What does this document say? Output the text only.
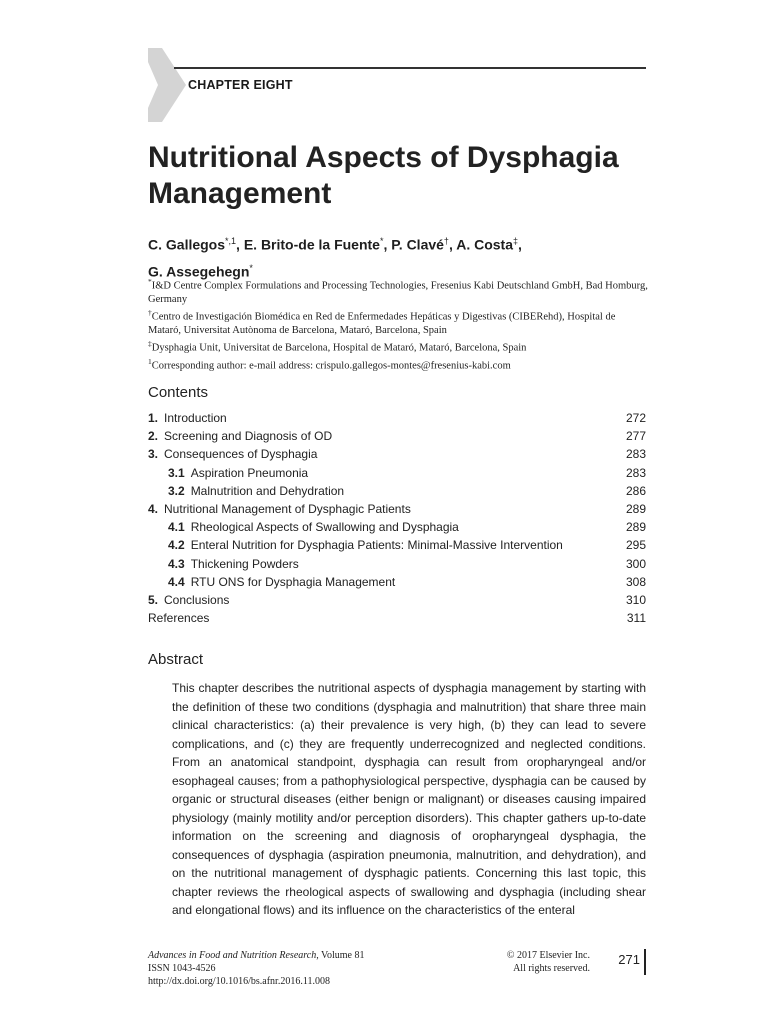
CHAPTER EIGHT
Nutritional Aspects of Dysphagia Management

C. Gallegos$^{*,1}$, E. Brito-de la Fuente*, P. Clavé†, A. Costa‡,
G. Assegehegn*

*I&D Centre Complex Formulations and Processing Technologies, Fresenius Kabi Deutschland GmbH, Bad Homburg, Germany

†Centro de Investigación Biomédica en Red de Enfermedades Hepáticas y Digestivas (CIBERehd), Hospital de Mataró, Universitat Autònoma de Barcelona, Mataró, Barcelona, Spain

‡Dysphagia Unit, Universitat de Barcelona, Hospital de Mataró, Mataró, Barcelona, Spain

$^1$Corresponding author: e-mail address: crispulo.gallegos-montes@fresenius-kabi.com

Contents
1. Introduction	272
2. Screening and Diagnosis of OD	277
3. Consequences of Dysphagia	283
3.1 Aspiration Pneumonia	283
3.2 Malnutrition and Dehydration	286
4. Nutritional Management of Dysphagic Patients	289
4.1 Rheological Aspects of Swallowing and Dysphagia	289
4.2 Enteral Nutrition for Dysphagia Patients: Minimal-Massive Intervention	295
4.3 Thickening Powders	300
4.4 RTU ONS for Dysphagia Management	308
5. Conclusions	310
References	311
Abstract

This chapter describes the nutritional aspects of dysphagia management by starting with the definition of these two conditions (dysphagia and malnutrition) that share three main clinical characteristics: (a) their prevalence is very high, (b) they can lead to severe complications, and (c) they are frequently underrecognized and neglected conditions. From an anatomical standpoint, dysphagia can result from oropharyngeal and/or esophageal causes; from a pathophysiological perspective, dysphagia can be caused by organic or structural diseases (either benign or malignant) or diseases causing impaired physiology (mainly motility and/or perception disorders). This chapter gathers up-to-date information on the screening and diagnosis of oropharyngeal dysphagia, the consequences of dysphagia (aspiration pneumonia, malnutrition, and dehydration), and on the nutritional management of dysphagic patients. Concerning this last topic, this chapter reviews the rheological aspects of swallowing and dysphagia (including shear and elongational flows) and its influence on the characteristics of the enteral

Advances in Food and Nutrition Research, Volume 81
ISSN 1043-4526
http://dx.doi.org/10.1016/bs.afnr.2016.11.008
© 2017 Elsevier Inc.
All rights reserved.
271
